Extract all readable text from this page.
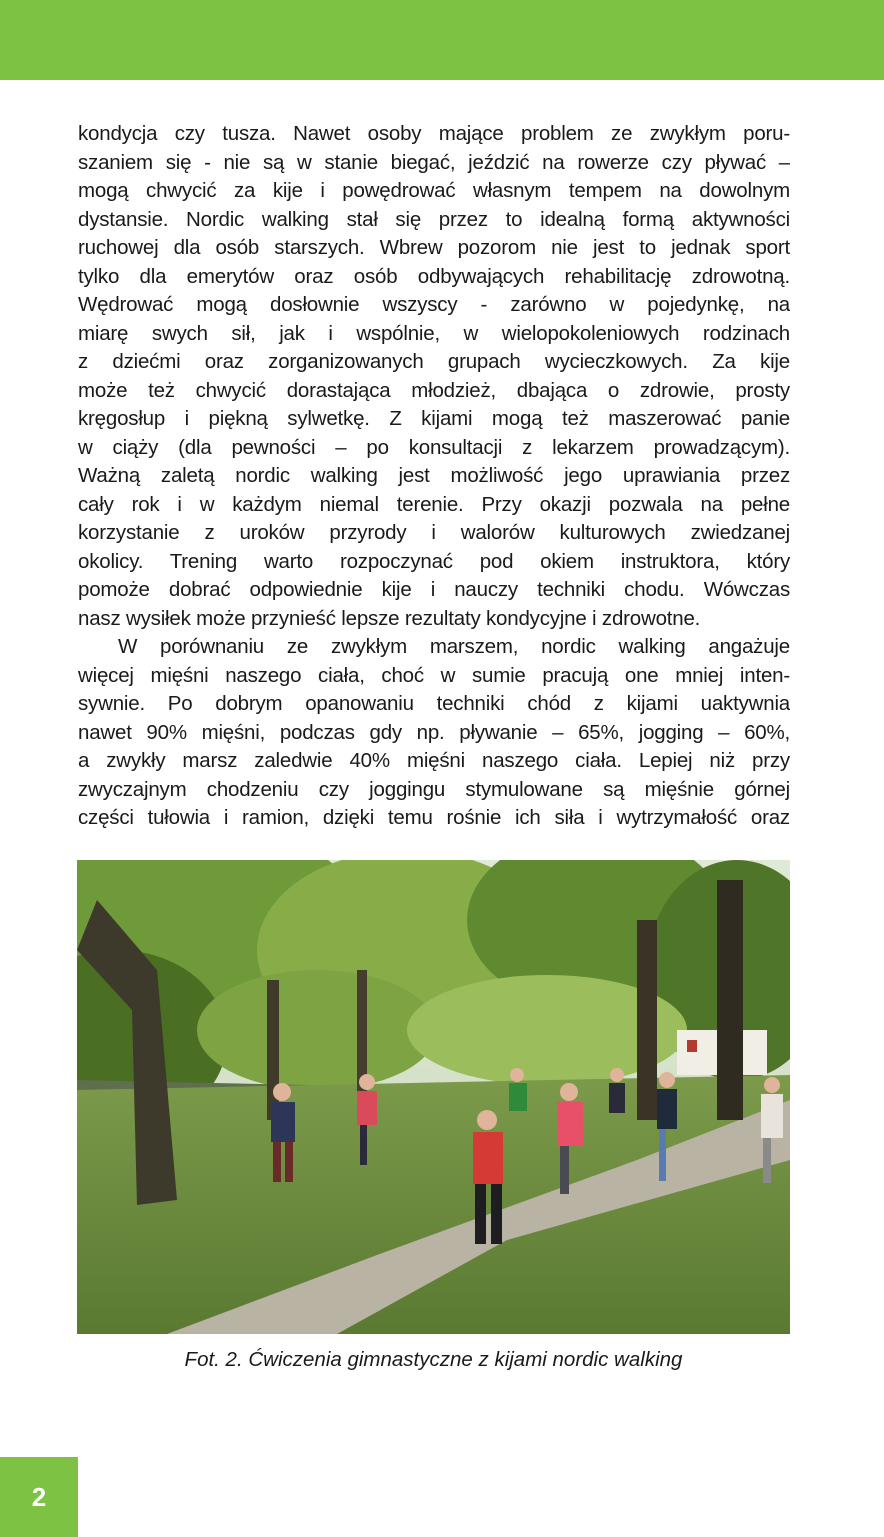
kondycja czy tusza. Nawet osoby mające problem ze zwykłym poru-
szaniem się - nie są w stanie biegać, jeździć na rowerze czy pływać –
mogą chwycić za kije i powędrować własnym tempem na dowolnym
dystansie. Nordic walking stał się przez to idealną formą aktywności
ruchowej dla osób starszych. Wbrew pozorom nie jest to jednak sport
tylko dla emerytów oraz osób odbywających rehabilitację zdrowotną.
Wędrować mogą dosłownie wszyscy - zarówno w pojedynkę, na
miarę swych sił, jak i wspólnie, w wielopokoleniowych rodzinach
z dziećmi oraz zorganizowanych grupach wycieczkowych. Za kije
może też chwycić dorastająca młodzież, dbająca o zdrowie, prosty
kręgosłup i piękną sylwetkę. Z kijami mogą też maszerować panie
w ciąży (dla pewności – po konsultacji z lekarzem prowadzącym).
Ważną zaletą nordic walking jest możliwość jego uprawiania przez
cały rok i w każdym niemal terenie. Przy okazji pozwala na pełne
korzystanie z uroków przyrody i walorów kulturowych zwiedzanej
okolicy. Trening warto rozpoczynać pod okiem instruktora, który
pomoże dobrać odpowiednie kije i nauczy techniki chodu. Wówczas
nasz wysiłek może przynieść lepsze rezultaty kondycyjne i zdrowotne.
W porównaniu ze zwykłym marszem, nordic walking angażuje
więcej mięśni naszego ciała, choć w sumie pracują one mniej inten-
sywnie. Po dobrym opanowaniu techniki chód z kijami uaktywnia
nawet 90% mięśni, podczas gdy np. pływanie – 65%, jogging – 60%,
a zwykły marsz zaledwie 40% mięśni naszego ciała. Lepiej niż przy
zwyczajnym chodzeniu czy joggingu stymulowane są mięśnie górnej
części tułowia i ramion, dzięki temu rośnie ich siła i wytrzymałość oraz
Fot. 2. Ćwiczenia gimnastyczne z kijami nordic walking
2
